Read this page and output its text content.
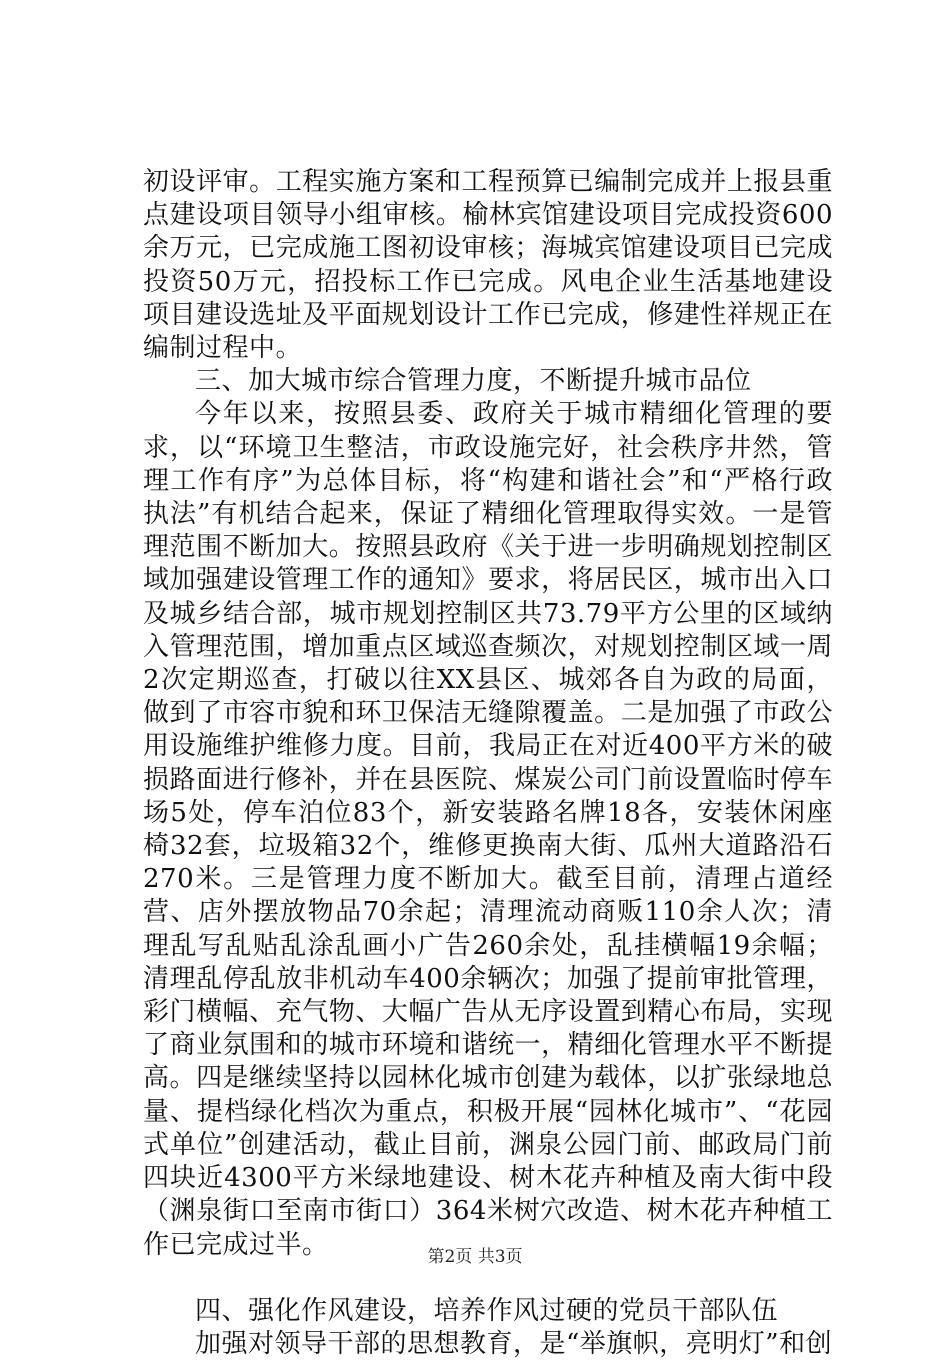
初设评审。工程实施方案和工程预算已编制完成并上报县重点建设项目领导小组审核。榆林宾馆建设项目完成投资600余万元，已完成施工图初设审核；海城宾馆建设项目已完成投资50万元，招投标工作已完成。风电企业生活基地建设项目建设选址及平面规划设计工作已完成，修建性祥规正在编制过程中。

三、加大城市综合管理力度，不断提升城市品位

今年以来，按照县委、政府关于城市精细化管理的要求，以“环境卫生整洁，市政设施完好，社会秩序井然，管理工作有序”为总体目标，将“构建和谐社会”和“严格行政执法”有机结合起来，保证了精细化管理取得实效。一是管理范围不断加大。按照县政府《关于进一步明确规划控制区域加强建设管理工作的通知》要求，将居民区，城市出入口及城乡结合部，城市规划控制区共73.79平方公里的区域纳入管理范围，增加重点区域巡查频次，对规划控制区域一周2次定期巡查，打破以往XX县区、城郊各自为政的局面，做到了市容市貌和环卫保洁无缝隙覆盖。二是加强了市政公用设施维护维修力度。目前，我局正在对近400平方米的破损路面进行修补，并在县医院、煤炭公司门前设置临时停车场5处，停车泊位83个，新安装路名牌18各，安装休闲座椅32套，垃圾箱32个，维修更换南大街、瓜州大道路沿石270米。三是管理力度不断加大。截至目前，清理占道经营、店外摆放物品70余起；清理流动商贩110余人次；清理乱写乱贴乱涂乱画小广告260余处，乱挂横幅19余幅；清理乱停乱放非机动车400余辆次；加强了提前审批管理，彩门横幅、充气物、大幅广告从无序设置到精心布局，实现了商业氛围和的城市环境和谐统一，精细化管理水平不断提高。四是继续坚持以园林化城市创建为载体，以扩张绿地总量、提档绿化档次为重点，积极开展“园林化城市”、“花园式单位”创建活动，截止目前，渊泉公园门前、邮政局门前四块近4300平方米绿地建设、树木花卉种植及南大街中段（渊泉街口至南市街口）364米树穴改造、树木花卉种植工作已完成过半。

四、强化作风建设，培养作风过硬的党员干部队伍

加强对领导干部的思想教育，是“举旗帜，亮明灯”和创

第2页 共3页
